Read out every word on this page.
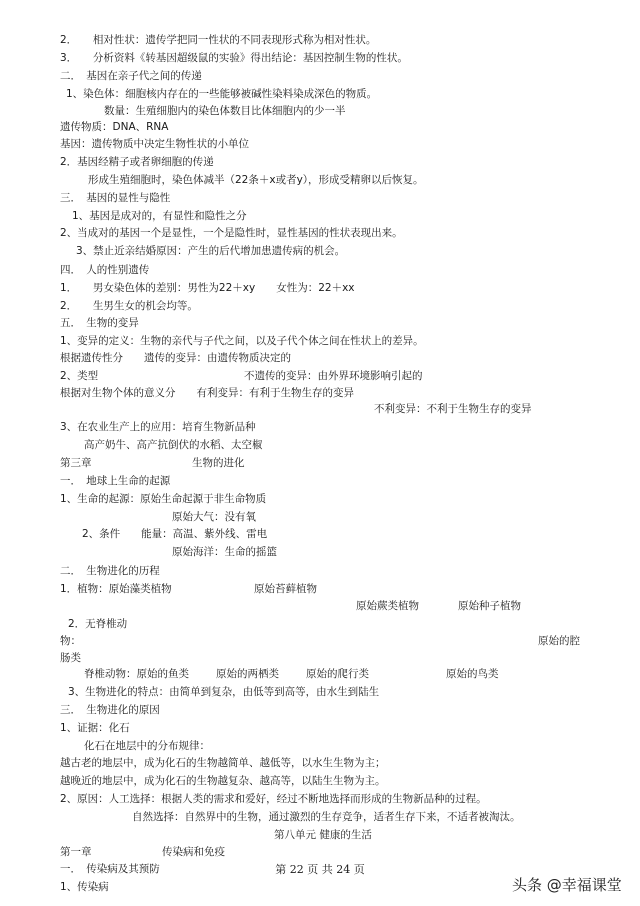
2．　　相对性状：遗传学把同一性状的不同表现形式称为相对性状。
3．　　分析资料《转基因超级鼠的实验》得出结论：基因控制生物的性状。
二．　基因在亲子代之间的传递
1、染色体：细胞核内存在的一些能够被碱性染料染成深色的物质。
数量：生殖细胞内的染色体数目比体细胞内的少一半
遗传物质：DNA、RNA
基因：遗传物质中决定生物性状的小单位
2．基因经精子或者卵细胞的传递
形成生殖细胞时，染色体减半（22条＋x或者y），形成受精卵以后恢复。
三．　基因的显性与隐性
1、基因是成对的，有显性和隐性之分
2、当成对的基因一个是显性，一个是隐性时，显性基因的性状表现出来。
3、禁止近亲结婚原因：产生的后代增加患遗传病的机会。
四．　人的性别遗传
1．　　男女染色体的差别：男性为22＋xy　　女性为：22＋xx
2．　　生男生女的机会均等。
五．　生物的变异
1、变异的定义：生物的亲代与子代之间，以及子代个体之间在性状上的差异。
根据遗传性分　　遗传的变异：由遗传物质决定的
2、类型	不遗传的变异：由外界环境影响引起的
根据对生物个体的意义分　　有利变异：有利于生物生存的变异
不利变异：不利于生物生存的变异
3、在农业生产上的应用：培育生物新品种
高产奶牛、高产抗倒伏的水稻、太空椒
第三章	生物的进化
一．　地球上生命的起源
1、生命的起源：原始生命起源于非生命物质
原始大气：没有氧
2、条件　　能量：高温、紫外线、雷电
原始海洋：生命的摇篮
二．　生物进化的历程
1．植物：原始藻类植物	原始苔藓植物
原始蕨类植物	原始种子植物
2．无脊椎动
物：	原始的腔
肠类
脊椎动物：原始的鱼类	原始的两栖类	原始的爬行类	原始的鸟类
3、生物进化的特点：由简单到复杂，由低等到高等，由水生到陆生
三．　生物进化的原因
1、证据：化石
化石在地层中的分布规律：
越古老的地层中，成为化石的生物越简单、越低等，以水生生物为主；
越晚近的地层中，成为化石的生物越复杂、越高等，以陆生生物为主。
2、原因：人工选择：根据人类的需求和爱好，经过不断地选择而形成的生物新品种的过程。
自然选择：自然界中的生物，通过激烈的生存竞争，适者生存下来，不适者被淘汰。
第八单元 健康的生活
第一章	传染病和免疫
一．　传染病及其预防
1、传染病
第 22 页 共 24 页
头条 @幸福课堂
